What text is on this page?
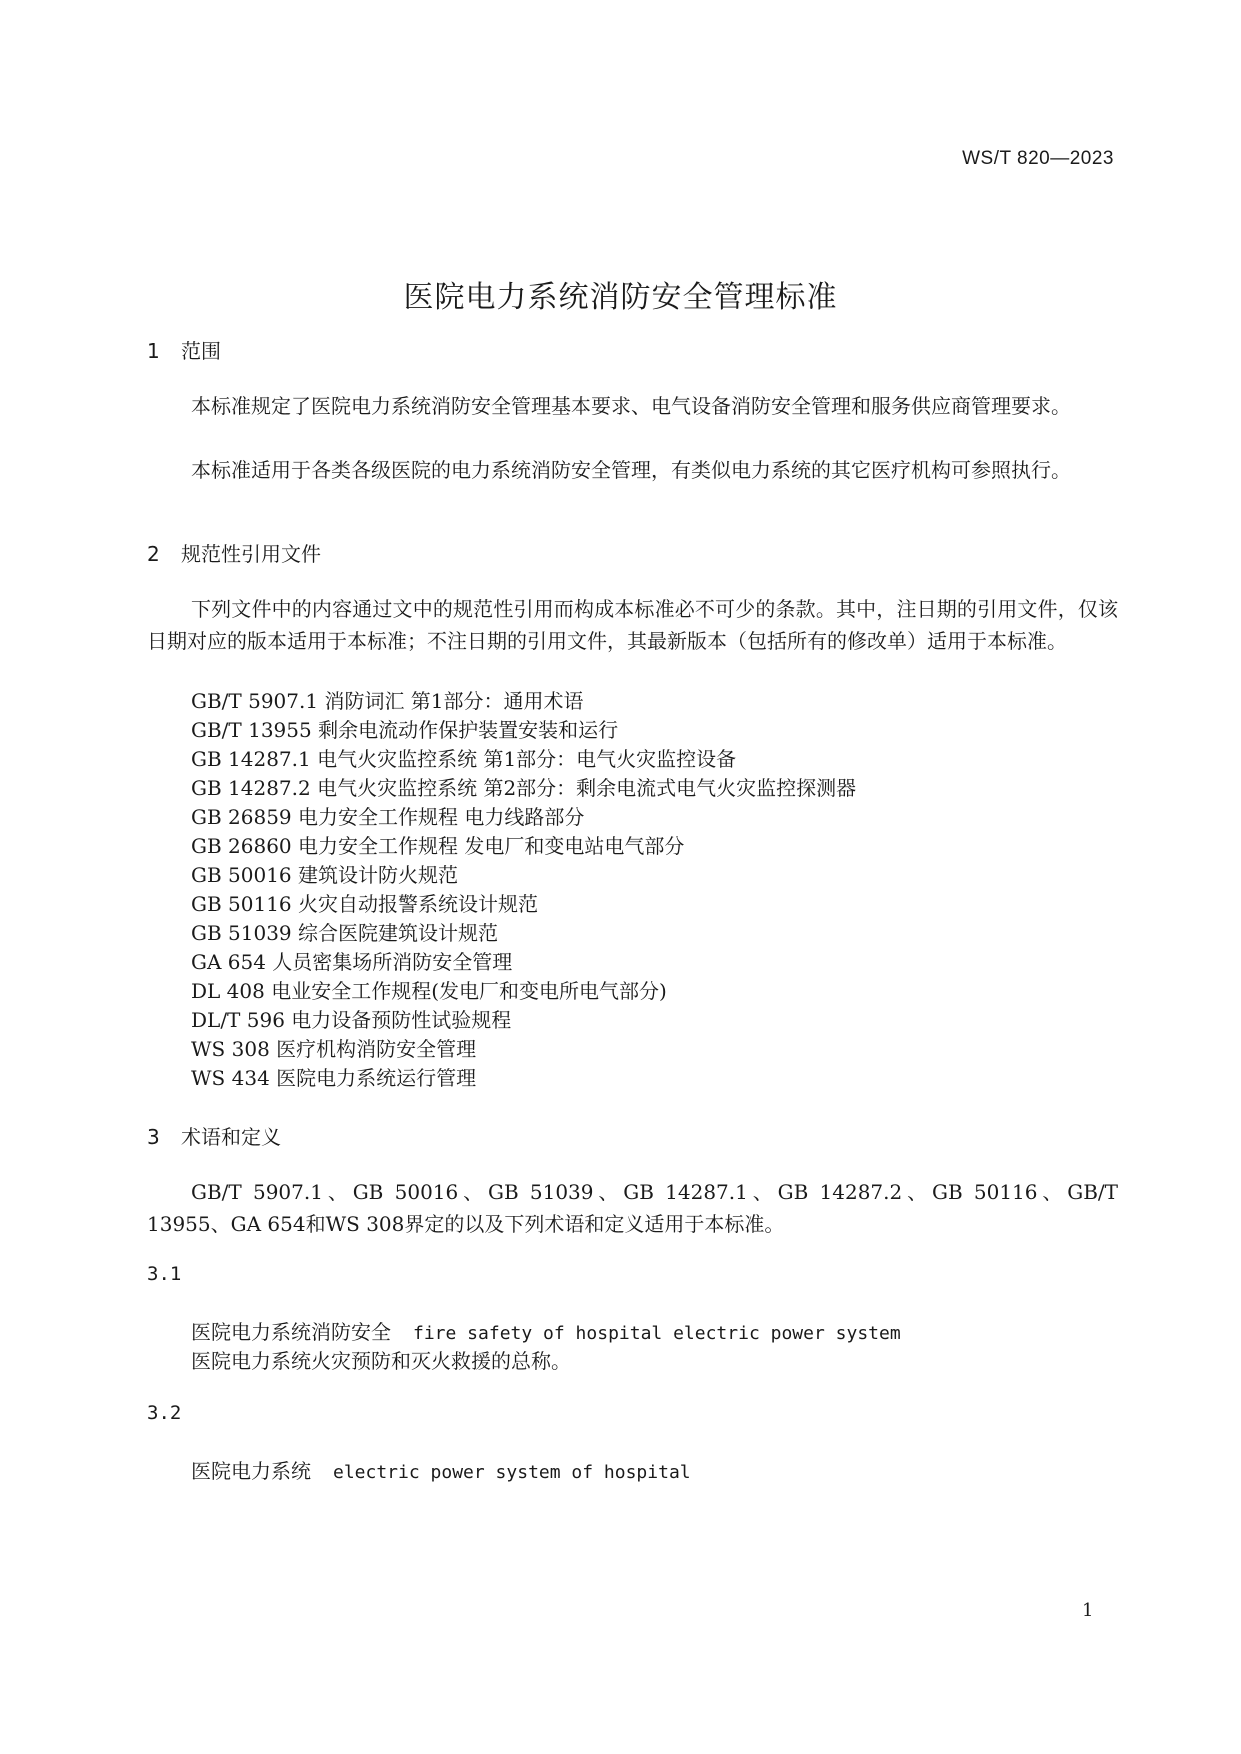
WS/T 820—2023
医院电力系统消防安全管理标准
1 范围
本标准规定了医院电力系统消防安全管理基本要求、电气设备消防安全管理和服务供应商管理要求。
本标准适用于各类各级医院的电力系统消防安全管理，有类似电力系统的其它医疗机构可参照执行。
2 规范性引用文件
下列文件中的内容通过文中的规范性引用而构成本标准必不可少的条款。其中，注日期的引用文件，仅该日期对应的版本适用于本标准；不注日期的引用文件，其最新版本（包括所有的修改单）适用于本标准。
GB/T 5907.1 消防词汇 第1部分：通用术语
GB/T 13955 剩余电流动作保护装置安装和运行
GB 14287.1 电气火灾监控系统 第1部分：电气火灾监控设备
GB 14287.2 电气火灾监控系统 第2部分：剩余电流式电气火灾监控探测器
GB 26859 电力安全工作规程 电力线路部分
GB 26860 电力安全工作规程 发电厂和变电站电气部分
GB 50016 建筑设计防火规范
GB 50116 火灾自动报警系统设计规范
GB 51039 综合医院建筑设计规范
GA 654 人员密集场所消防安全管理
DL 408 电业安全工作规程(发电厂和变电所电气部分)
DL/T 596 电力设备预防性试验规程
WS 308 医疗机构消防安全管理
WS 434 医院电力系统运行管理
3 术语和定义
GB/T 5907.1、GB 50016、GB 51039、GB 14287.1、GB 14287.2、GB 50116、GB/T 13955、GA 654和WS 308界定的以及下列术语和定义适用于本标准。
3.1
医院电力系统消防安全 fire safety of hospital electric power system
医院电力系统火灾预防和灭火救援的总称。
3.2
医院电力系统 electric power system of hospital
1
